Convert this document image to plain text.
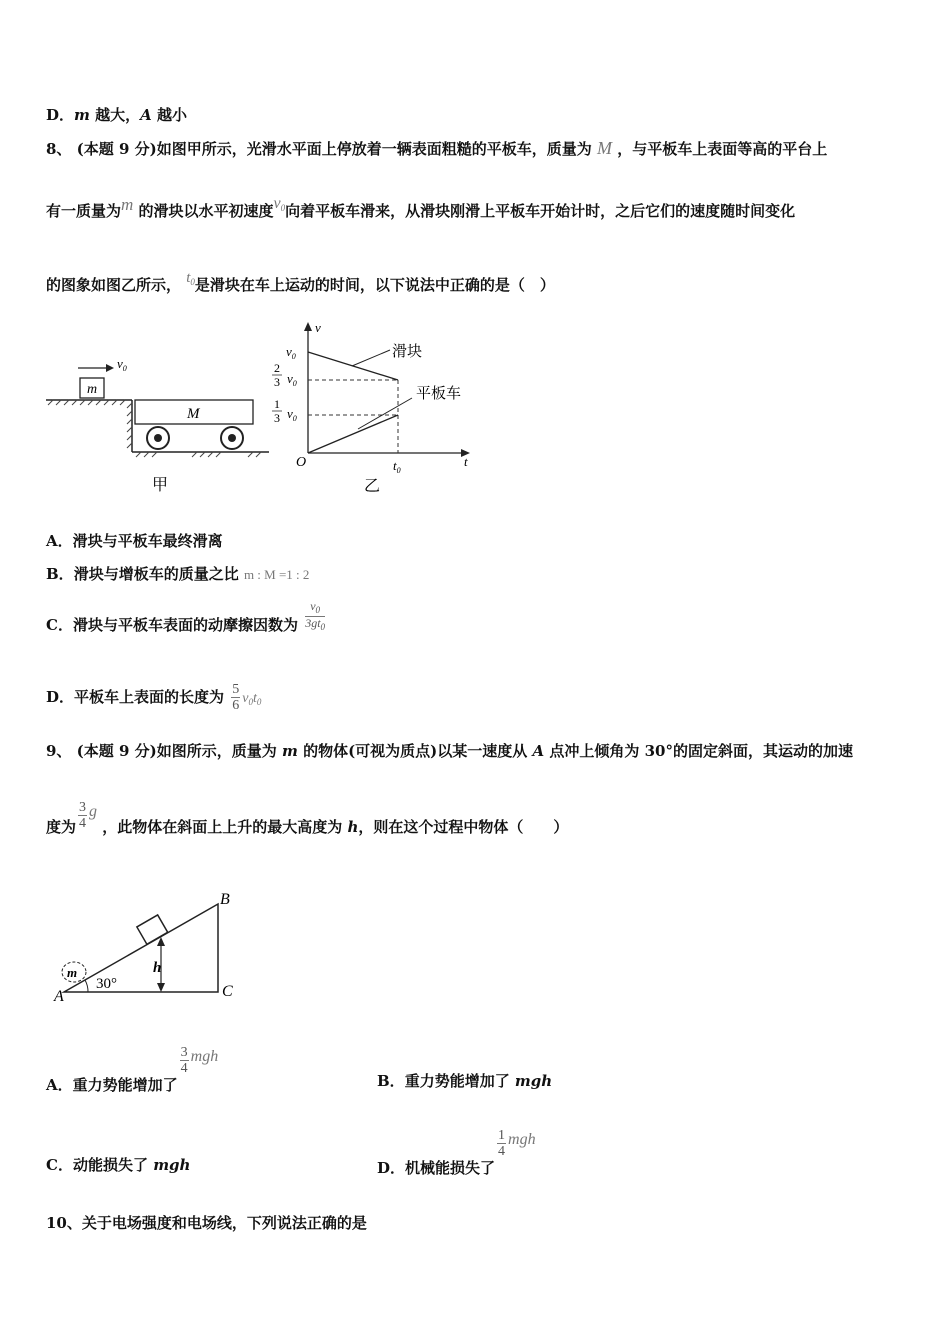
D．m 越大，A 越小
8、 (本题 9 分)如图甲所示，光滑水平面上停放着一辆表面粗糙的平板车，质量为 M ，与平板车上表面等高的平台上
有一质量为m 的滑块以水平初速度$v_0$向着平板车滑来，从滑块刚滑上平板车开始计时，之后它们的速度随时间变化
的图象如图乙所示， $t_0$是滑块在车上运动的时间，以下说法中正确的是（　）
m
$v_0$
M
甲
v
t
O
$v_0$
2
3 $v_0$
1
3 $v_0$
滑块
平板车
$t_0$
乙
A．滑块与平板车最终滑离
B．滑块与增板车的质量之比 m : M =1 : 2
C．滑块与平板车表面的动摩擦因数为 $\frac{v_0}{3gt_0}$
D．平板车上表面的长度为 $\frac{5}{6} v_0t_0$
9、 (本题 9 分)如图所示，质量为 m 的物体(可视为质点)以某一速度从 A 点冲上倾角为 30°的固定斜面，其运动的加速
度为 $\frac{3}{4}$ g ，此物体在斜面上上升的最大高度为 h，则在这个过程中物体（　　）
h
B
C
A
m
30°
A．重力势能增加了
$\frac{3}{4}$ mgh
B．重力势能增加了 mgh
C．动能损失了 mgh	D．机械能损失了
$\frac{1}{4}$ mgh
10、关于电场强度和电场线，下列说法正确的是
